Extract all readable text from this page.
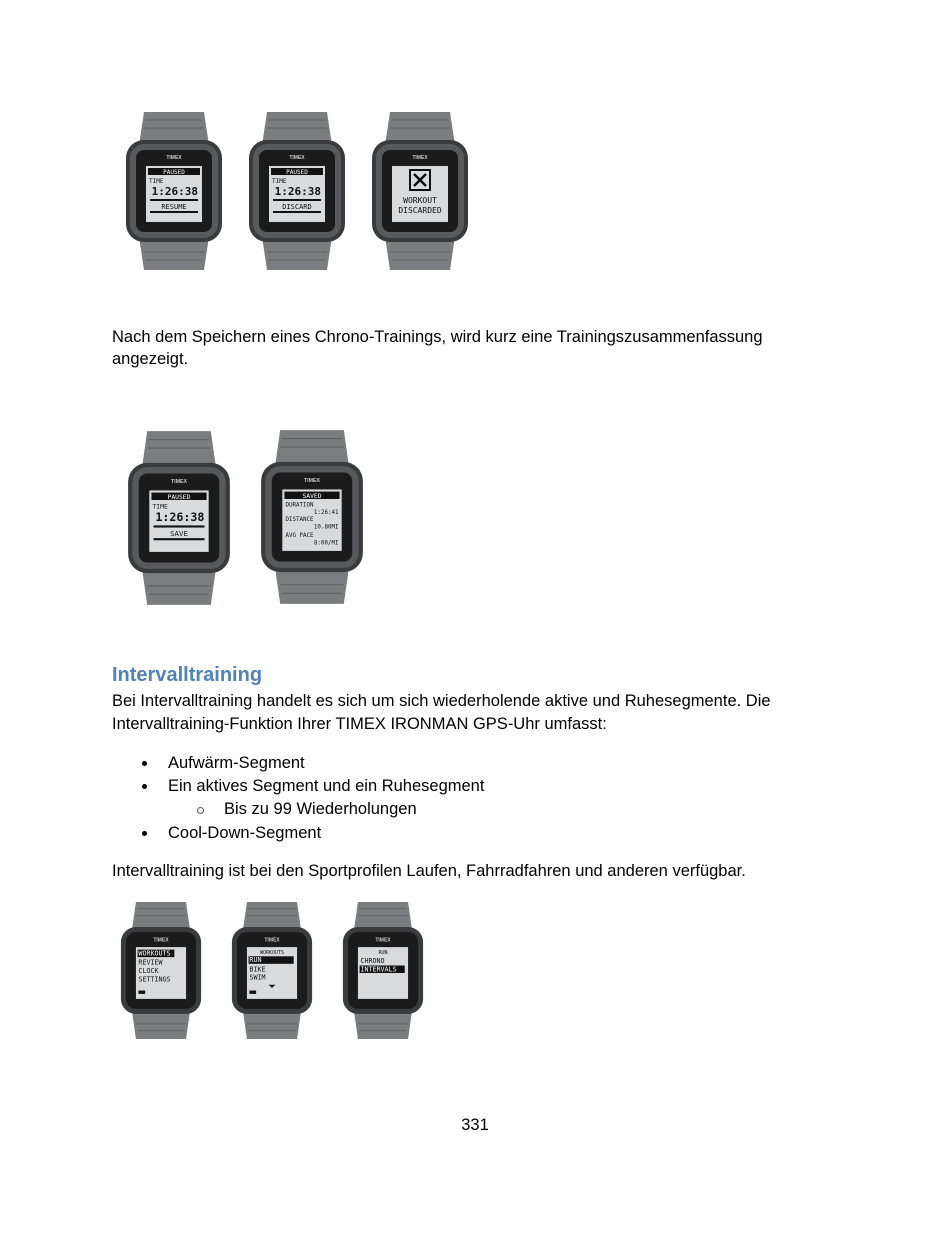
TIMEX
PAUSED
TIME
1:26:38
RESUME
TIMEX
PAUSED
TIME
1:26:38
DISCARD
TIMEX
WORKOUT
DISCARDED

Nach dem Speichern eines Chrono-Trainings, wird kurz eine Trainingszusammenfassung

angezeigt.

TIMEX
PAUSED
TIME
1:26:38
SAVE
TIMEX
SAVED
DURATION
1:26:41
DISTANCE
10.80MI
AVG PACE
8:00/MI
Intervalltraining

Bei Intervalltraining handelt es sich um sich wiederholende aktive und Ruhesegmente. Die

Intervalltraining-Funktion Ihrer TIMEX IRONMAN GPS-Uhr umfasst:

Aufwärm-Segment
Ein aktives Segment und ein Ruhesegment
Bis zu 99 Wiederholungen
Cool-Down-Segment

Intervalltraining ist bei den Sportprofilen Laufen, Fahrradfahren und anderen verfügbar.

TIMEX
WORKOUTS
REVIEW
CLOCK
SETTINGS
TIMEX
WORKOUTS
RUN
BIKE
SWIM
TIMEX
RUN
CHRONO
INTERVALS
331
